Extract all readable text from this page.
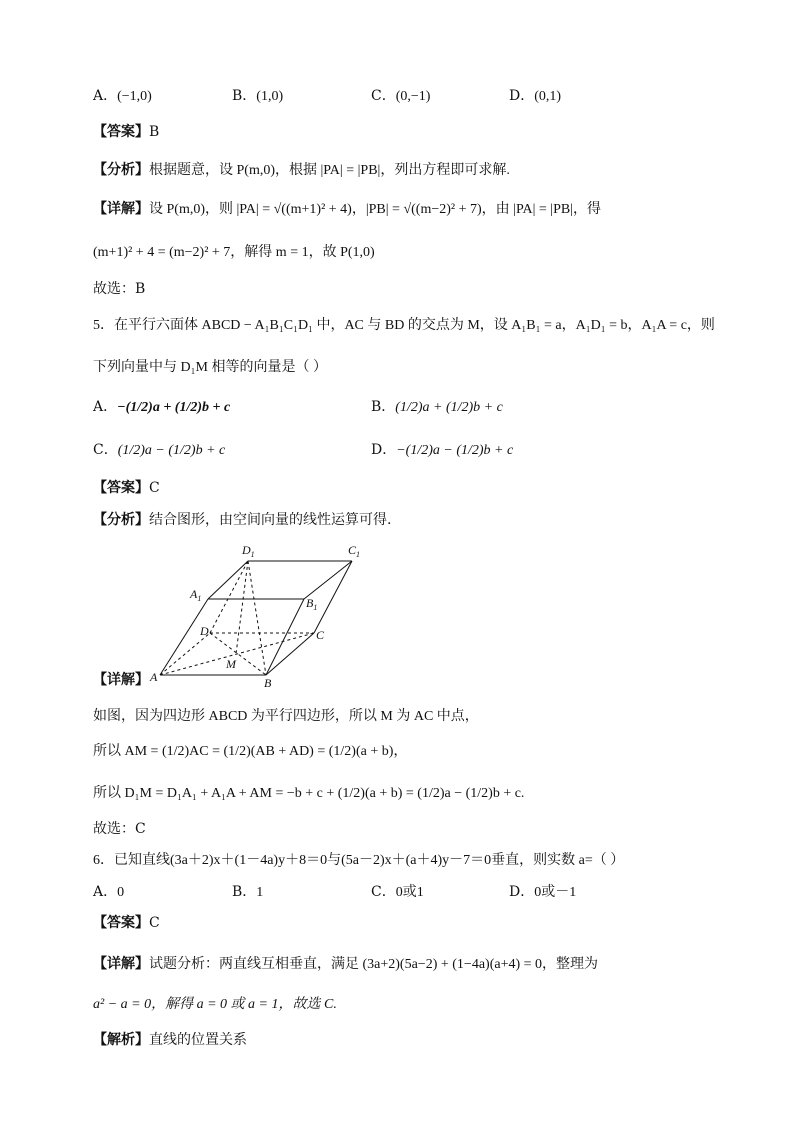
A．(−1,0)	B．(1,0)	C．(0,−1)	D．(0,1)
【答案】B
【分析】根据题意，设 P(m,0)，根据 |PA| = |PB|，列出方程即可求解.
【详解】设 P(m,0)，则 |PA| = √((m+1)² + 4)，|PB| = √((m−2)² + 7)，由 |PA| = |PB|，得
(m+1)² + 4 = (m−2)² + 7，解得 m = 1，故 P(1,0)
故选：B
5．在平行六面体 ABCD − A₁B₁C₁D₁ 中，AC 与 BD 的交点为 M，设 A₁B₁ = a，A₁D₁ = b，A₁A = c，则
下列向量中与 D₁M 相等的向量是（ ）
A．−(1/2)a + (1/2)b + c	B．(1/2)a + (1/2)b + c
C．(1/2)a − (1/2)b + c	D．−(1/2)a − (1/2)b + c
【答案】C
【分析】结合图形，由空间向量的线性运算可得.
$D_1$	$C_1$
$A_1$	$B_1$
D	C
M
A	B
【详解】
如图，因为四边形 ABCD 为平行四边形，所以 M 为 AC 中点，
所以 AM = (1/2)AC = (1/2)(AB + AD) = (1/2)(a + b)，
所以 D₁M = D₁A₁ + A₁A + AM = −b + c + (1/2)(a + b) = (1/2)a − (1/2)b + c.
故选：C
6．已知直线(3a＋2)x＋(1－4a)y＋8＝0与(5a－2)x＋(a＋4)y－7＝0垂直，则实数 a=（ ）
A．0	B．1	C．0或1	D．0或－1
【答案】C
【详解】试题分析：两直线互相垂直，满足 (3a+2)(5a−2) + (1−4a)(a+4) = 0，整理为
a² − a = 0，解得 a = 0 或 a = 1，故选 C.
【解析】直线的位置关系
